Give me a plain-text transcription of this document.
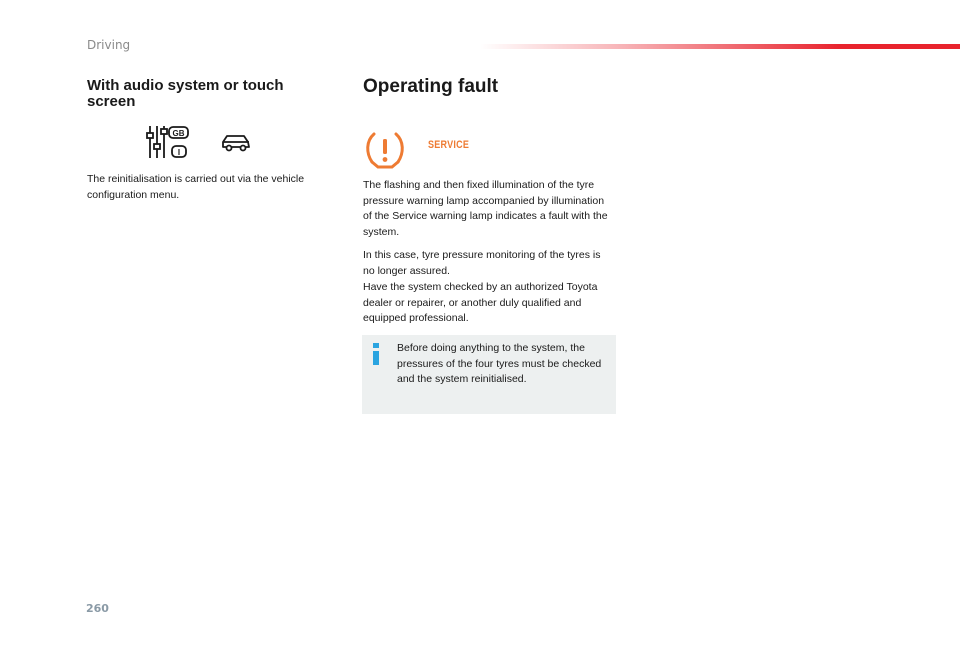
Driving
With audio system or touch screen
GB
I
The reinitialisation is carried out via the vehicle configuration menu.
Operating fault
SERVICE
The flashing and then fixed illumination of the tyre pressure warning lamp accompanied by illumination of the Service warning lamp indicates a fault with the system.
In this case, tyre pressure monitoring of the tyres is no longer assured.
Have the system checked by an authorized Toyota dealer or repairer, or another duly qualified and equipped professional.
Before doing anything to the system, the pressures of the four tyres must be checked and the system reinitialised.
260
